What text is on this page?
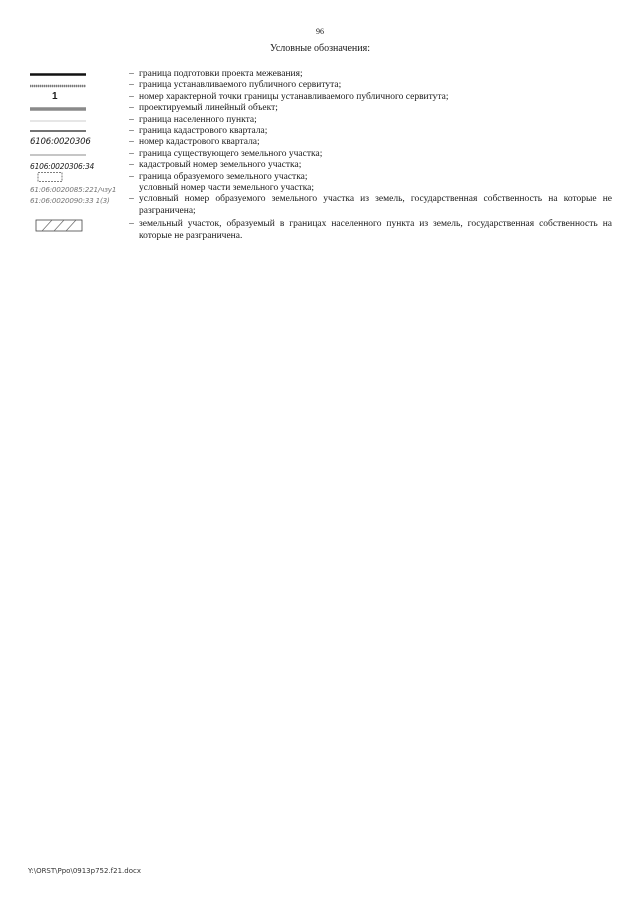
96
Условные обозначения:
– граница подготовки проекта межевания;
– граница устанавливаемого публичного сервитута;
1	– номер характерной точки границы устанавливаемого публичного сервитута;
– проектируемый линейный объект;
– граница населенного пункта;
– граница кадастрового квартала;
6106:0020306	– номер кадастрового квартала;
– граница существующего земельного участка;
6106:0020306:34	– кадастровый номер земельного участка;
– граница образуемого земельного участка;
61:06:0020085:221/чзу1 условный номер части земельного участка;
61:06:0020090:33 1(3)	– условный номер образуемого земельного участка из земель, государственная собственность на которые не разграничена;
– земельный участок, образуемый в границах населенного пункта из земель, государственная собственность на которые не разграничена.
Y:\ORST\Ppo\0913p752.f21.docx
